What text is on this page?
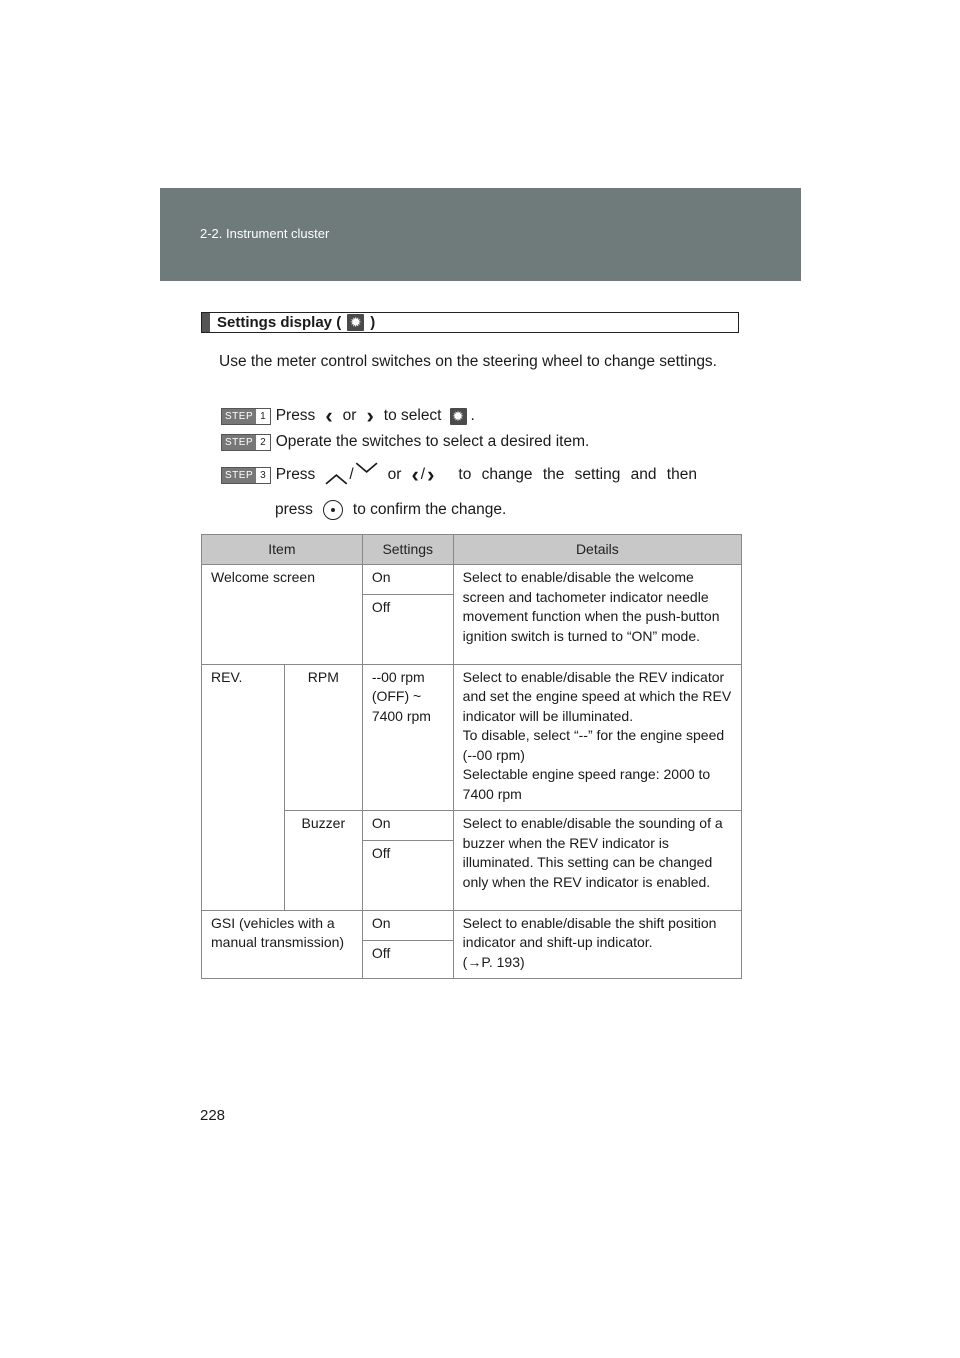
2-2. Instrument cluster
Settings display ( ✹ )
Use the meter control switches on the steering wheel to change settings.
STEP 1 Press ‹ or › to select ✹ .
STEP 2 Operate the switches to select a desired item.
STEP 3 Press ︿ / ﹀ or ‹ / › to change the setting and then
press	to confirm the change.
Item		Settings	Details
Welcome screen		On	Select to enable/disable the welcome screen and tachometer indicator needle movement function when the push-button ignition switch is turned to “ON” mode.
		Off	
REV.	RPM	--00 rpm (OFF) ~ 7400 rpm	Select to enable/disable the REV indicator and set the engine speed at which the REV indicator will be illuminated.
To disable, select “--” for the engine speed (--00 rpm)
Selectable engine speed range: 2000 to 7400 rpm

	Buzzer	On	Select to enable/disable the sounding of a buzzer when the REV indicator is illuminated. This setting can be changed only when the REV indicator is enabled.
		Off	
GSI (vehicles with a manual transmission)		On	Select to enable/disable the shift position indicator and shift-up indicator.
(→P. 193)

		Off	
228
